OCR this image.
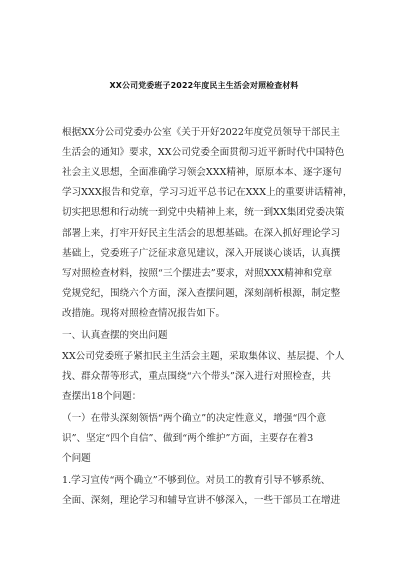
XX公司党委班子2022年度民主生活会对照检查材料
根据XX分公司党委办公室《关于开好2022年度党员领导干部民主
生活会的通知》要求，XX公司党委全面贯彻习近平新时代中国特色
社会主义思想，全面准确学习领会XXX精神，原原本本、逐字逐句
学习XXX报告和党章，学习习近平总书记在XXX上的重要讲话精神，
切实把思想和行动统一到党中央精神上来，统一到XX集团党委决策
部署上来，打牢开好民主生活会的思想基础。在深入抓好理论学习
基础上，党委班子广泛征求意见建议，深入开展谈心谈话，认真撰
写对照检查材料，按照“三个摆进去”要求，对照XXX精神和党章
党规党纪，围绕六个方面，深入查摆问题，深刻剖析根源，制定整
改措施。现将对照检查情况报告如下。
一、认真查摆的突出问题
XX公司党委班子紧扣民主生活会主题，采取集体议、基层提、个人
找、群众帮等形式，重点围绕“六个带头”深入进行对照检查，共
查摆出18个问题：
（一）在带头深刻领悟“两个确立”的决定性意义，增强“四个意
识”、坚定“四个自信”、做到“两个维护”方面，主要存在着3
个问题
1.学习宣传“两个确立”不够到位。对员工的教育引导不够系统、
全面、深刻，理论学习和辅导宣讲不够深入，一些干部员工在增进
